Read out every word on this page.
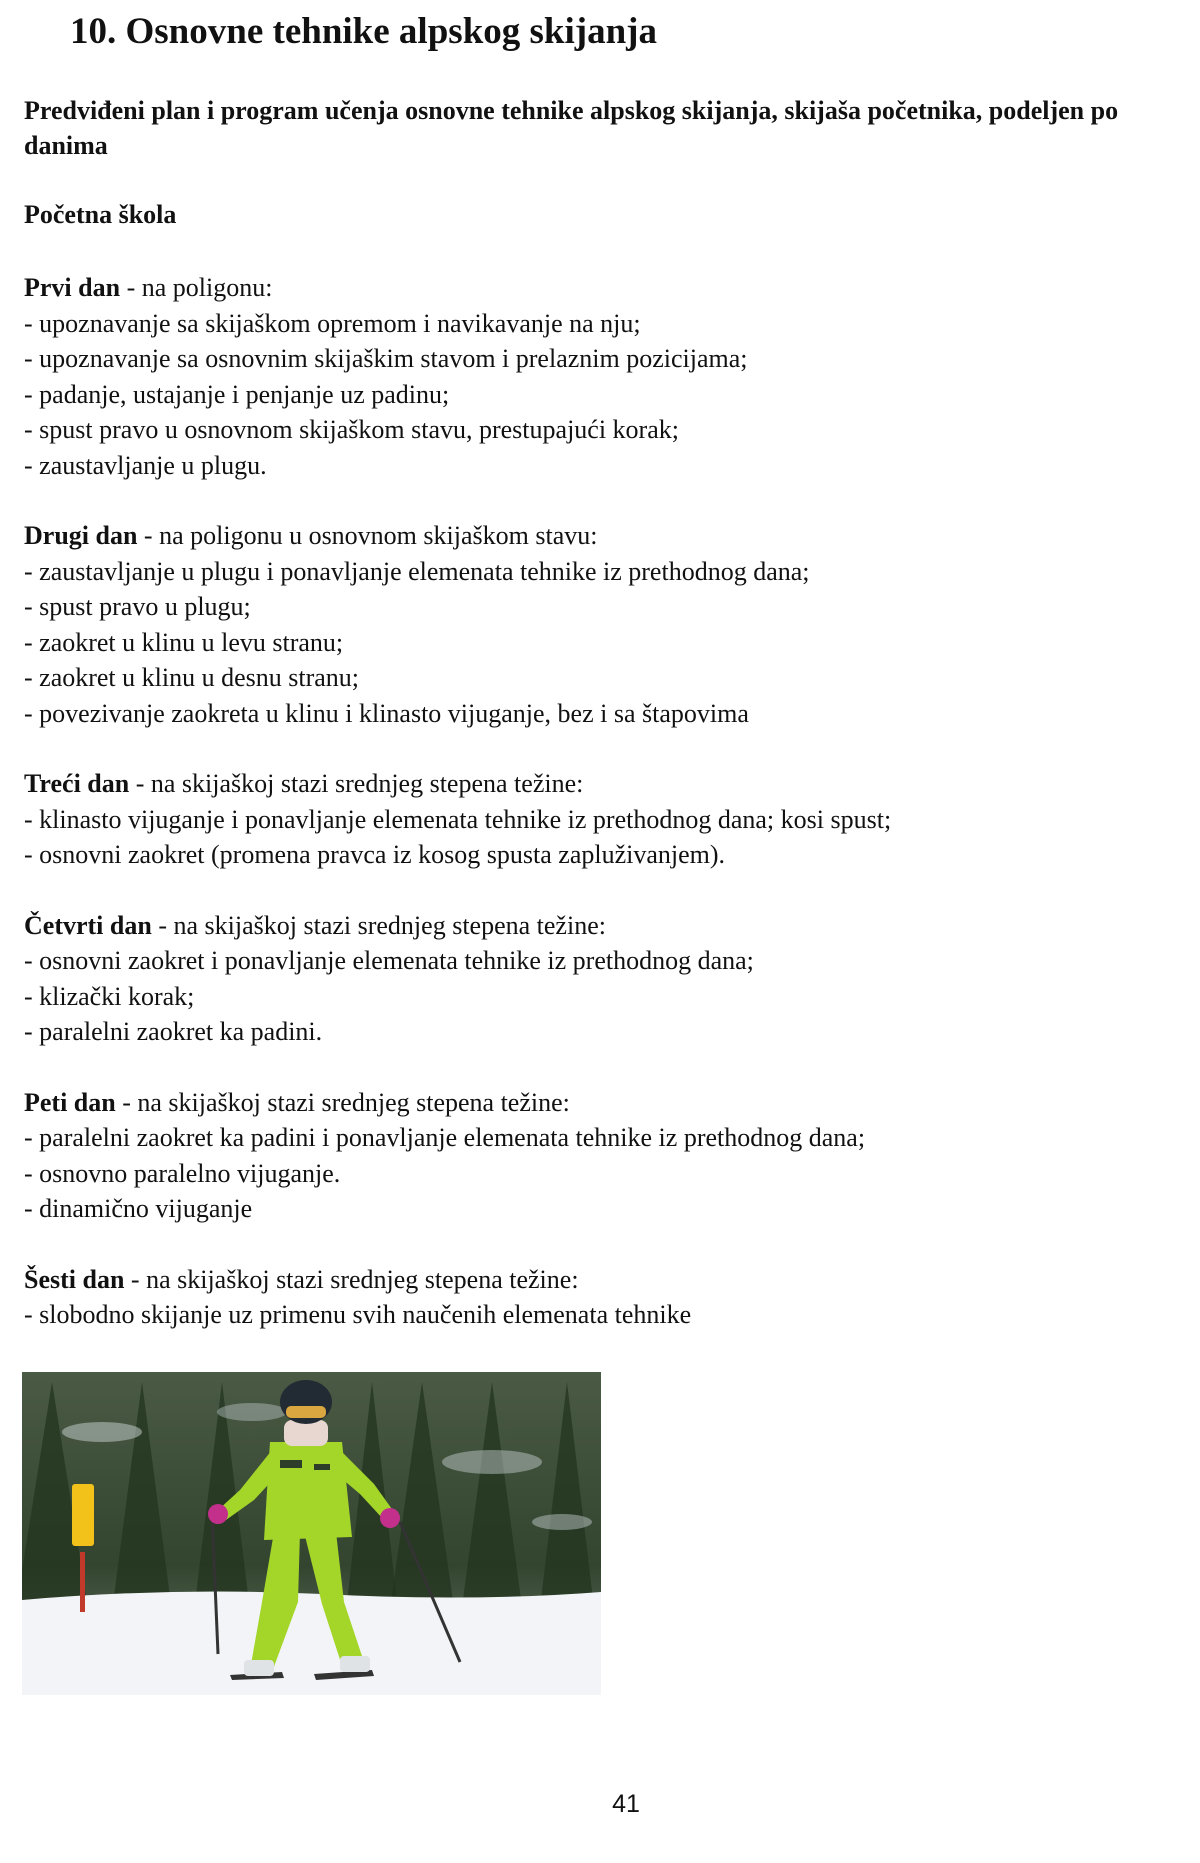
10. Osnovne tehnike alpskog skijanja

Predviđeni plan i program učenja osnovne tehnike alpskog skijanja, skijaša početnika, podeljen po danima

Početna škola

Prvi dan - na poligonu:
- upoznavanje sa skijaškom opremom i navikavanje na nju;
- upoznavanje sa osnovnim skijaškim stavom i prelaznim pozicijama;
- padanje, ustajanje i penjanje uz padinu;
- spust pravo u osnovnom skijaškom stavu, prestupajući korak;
- zaustavljanje u plugu.
Drugi dan - na poligonu u osnovnom skijaškom stavu:
- zaustavljanje u plugu i ponavljanje elemenata tehnike iz prethodnog dana;
- spust pravo u plugu;
- zaokret u klinu u levu stranu;
- zaokret u klinu u desnu stranu;
- povezivanje zaokreta u klinu i klinasto vijuganje, bez i sa štapovima
Treći dan - na skijaškoj stazi srednjeg stepena težine:
- klinasto vijuganje i ponavljanje elemenata tehnike iz prethodnog dana; kosi spust;
- osnovni zaokret (promena pravca iz kosog spusta zapluživanjem).
Četvrti dan - na skijaškoj stazi srednjeg stepena težine:
- osnovni zaokret i ponavljanje elemenata tehnike iz prethodnog dana;
- klizački korak;
- paralelni zaokret ka padini.
Peti dan - na skijaškoj stazi srednjeg stepena težine:
- paralelni zaokret ka padini i ponavljanje elemenata tehnike iz prethodnog dana;
- osnovno paralelno vijuganje.
- dinamično vijuganje
Šesti dan - na skijaškoj stazi srednjeg stepena težine:
- slobodno skijanje uz primenu svih naučenih elemenata tehnike
41
